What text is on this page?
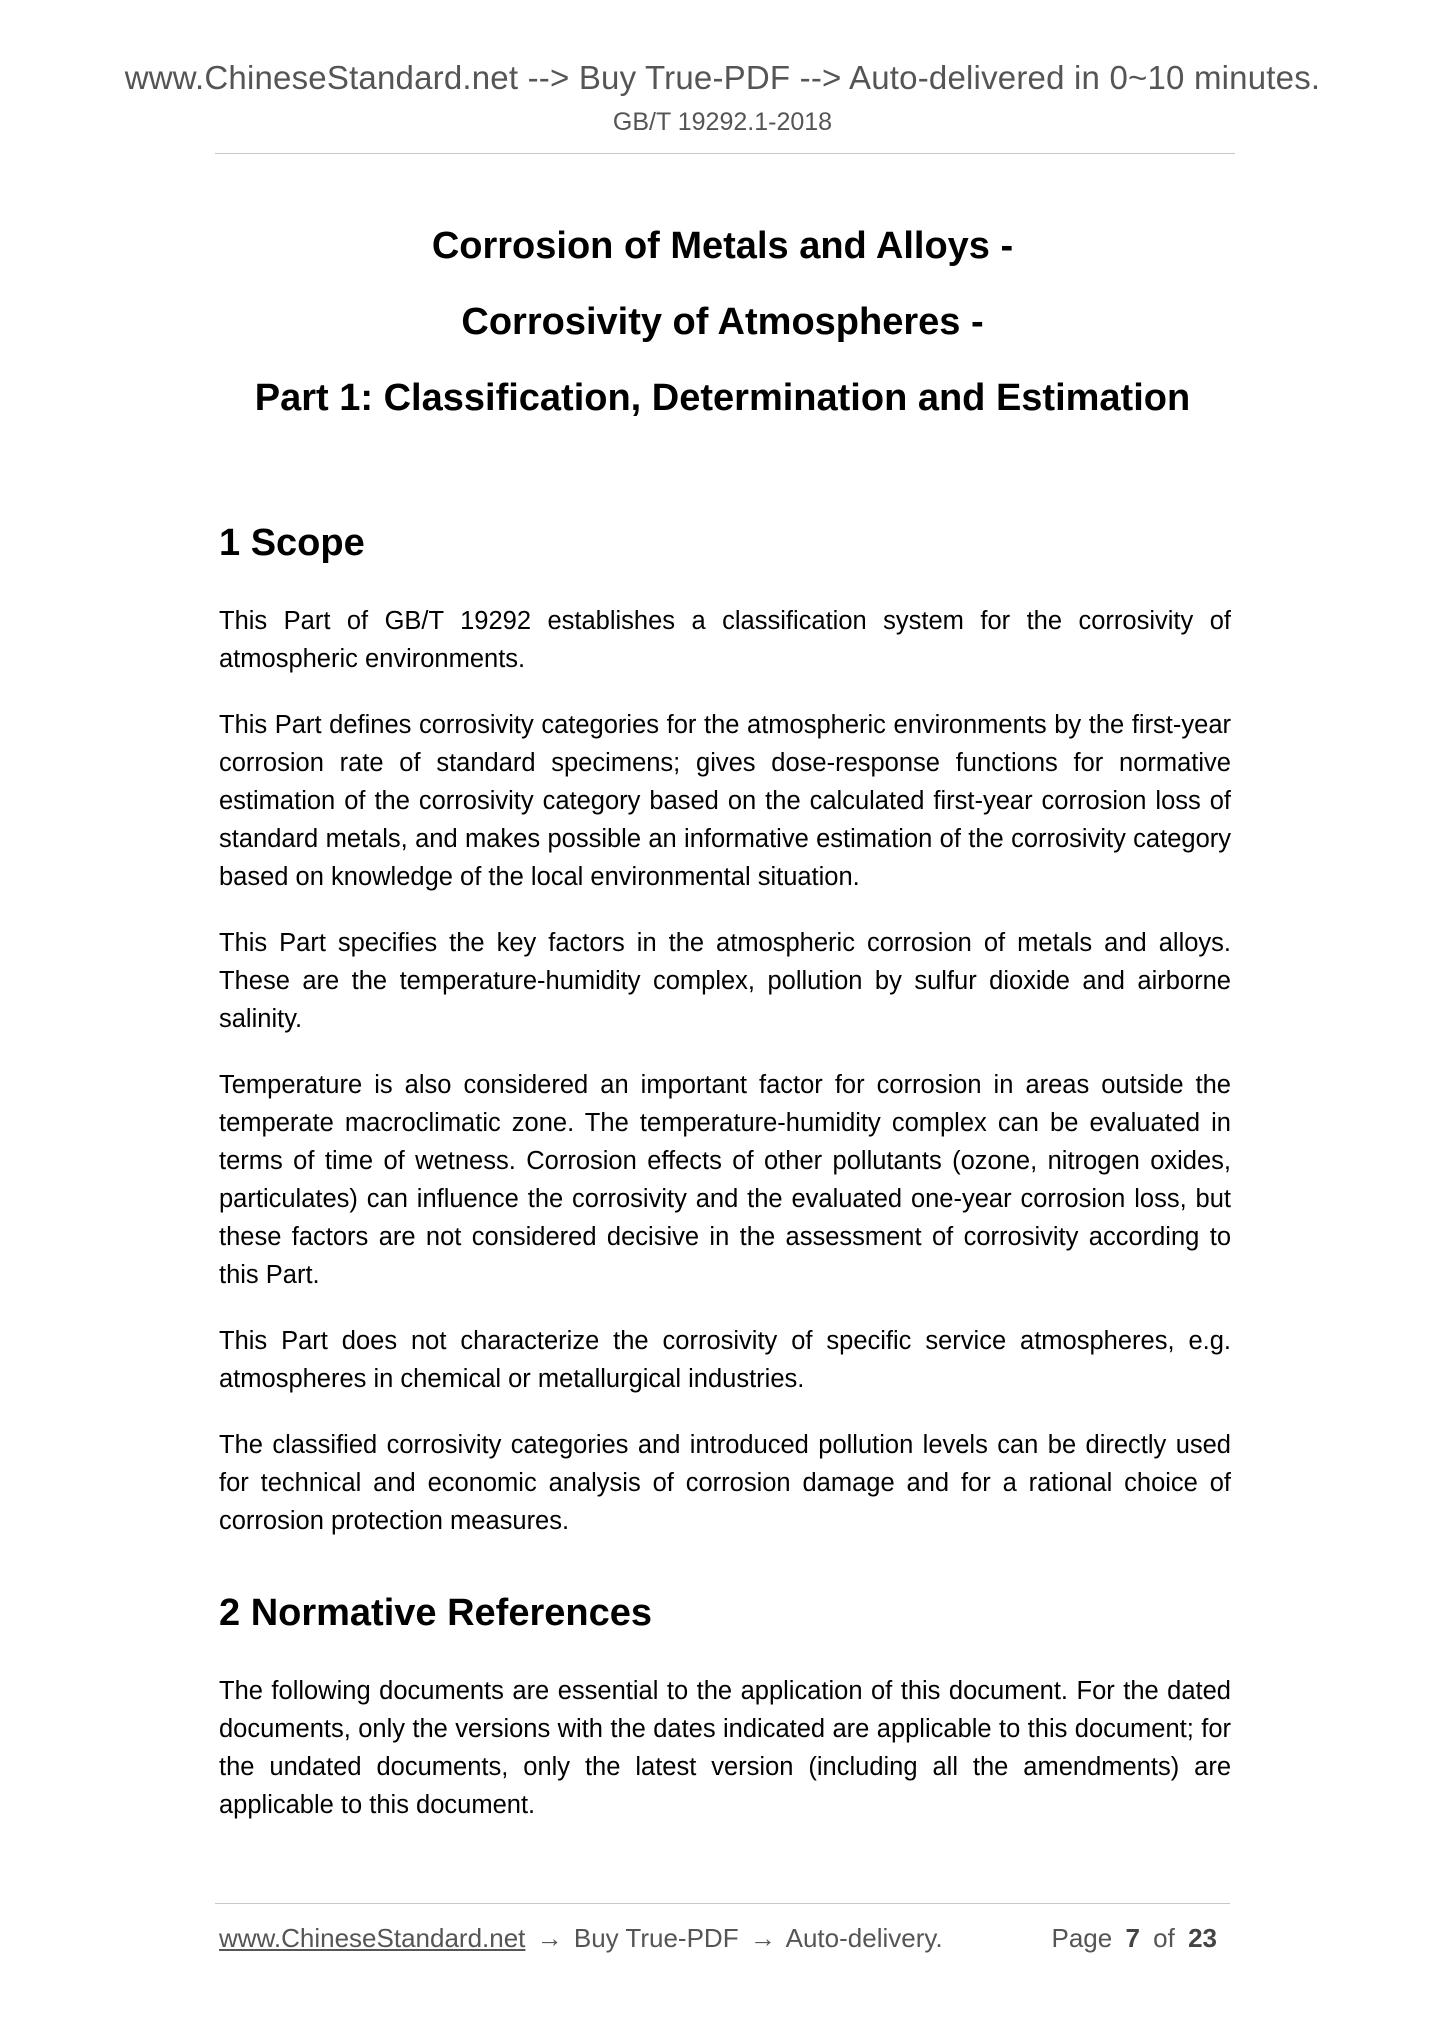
www.ChineseStandard.net --> Buy True-PDF --> Auto-delivered in 0~10 minutes.
GB/T 19292.1-2018
Corrosion of Metals and Alloys -
Corrosivity of Atmospheres -
Part 1: Classification, Determination and Estimation
1 Scope

This Part of GB/T 19292 establishes a classification system for the corrosivity of atmospheric environments.

This Part defines corrosivity categories for the atmospheric environments by the first-year corrosion rate of standard specimens; gives dose-response functions for normative estimation of the corrosivity category based on the calculated first-year corrosion loss of standard metals, and makes possible an informative estimation of the corrosivity category based on knowledge of the local environmental situation.

This Part specifies the key factors in the atmospheric corrosion of metals and alloys. These are the temperature-humidity complex, pollution by sulfur dioxide and airborne salinity.

Temperature is also considered an important factor for corrosion in areas outside the temperate macroclimatic zone. The temperature-humidity complex can be evaluated in terms of time of wetness. Corrosion effects of other pollutants (ozone, nitrogen oxides, particulates) can influence the corrosivity and the evaluated one-year corrosion loss, but these factors are not considered decisive in the assessment of corrosivity according to this Part.

This Part does not characterize the corrosivity of specific service atmospheres, e.g. atmospheres in chemical or metallurgical industries.

The classified corrosivity categories and introduced pollution levels can be directly used for technical and economic analysis of corrosion damage and for a rational choice of corrosion protection measures.

2 Normative References

The following documents are essential to the application of this document. For the dated documents, only the versions with the dates indicated are applicable to this document; for the undated documents, only the latest version (including all the amendments) are applicable to this document.

www.ChineseStandard.net → Buy True-PDF → Auto-delivery.	Page 7 of 23
